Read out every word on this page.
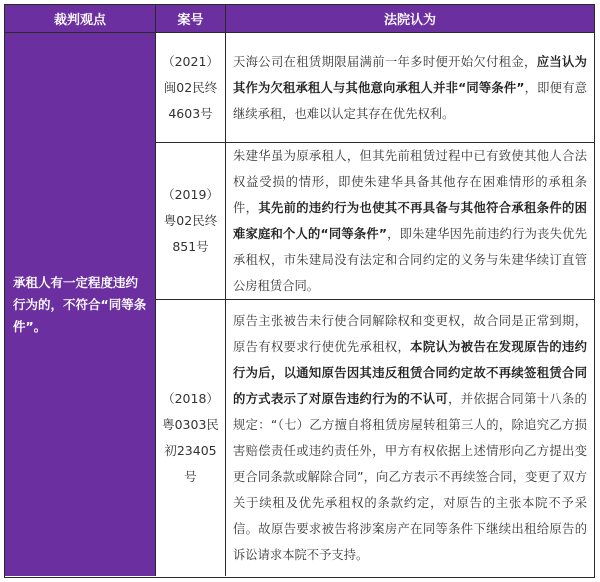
裁判观点	案号	法院认为
承租人有一定程度违约行为的，不符合“同等条件”。
（2021）闽02民终4603号
天海公司在租赁期限届满前一年多时便开始欠付租金，应当认为其作为欠租承租人与其他意向承租人并非“同等条件”，即便有意继续承租，也难以认定其存在优先权利。
（2019）粤02民终851号
朱建华虽为原承租人，但其先前租赁过程中已有致使其他人合法权益受损的情形，即使朱建华具备其他存在困难情形的承租条件，其先前的违约行为也使其不再具备与其他符合承租条件的困难家庭和个人的“同等条件”，即朱建华因先前违约行为丧失优先承租权，市朱建局没有法定和合同约定的义务与朱建华续订直管公房租赁合同。
（2018）粤0303民初23405号
原告主张被告未行使合同解除权和变更权，故合同是正常到期，原告有权要求行使优先承租权，本院认为被告在发现原告的违约行为后，以通知原告因其违反租赁合同约定故不再续签租赁合同的方式表示了对原告违约行为的不认可，并依据合同第十八条的规定：“（七）乙方擅自将租赁房屋转租第三人的，除追究乙方损害赔偿责任或违约责任外，甲方有权依据上述情形向乙方提出变更合同条款或解除合同”，向乙方表示不再续签合同，变更了双方关于续租及优先承租权的条款约定，对原告的主张本院不予采信。故原告要求被告将涉案房产在同等条件下继续出租给原告的诉讼请求本院不予支持。
